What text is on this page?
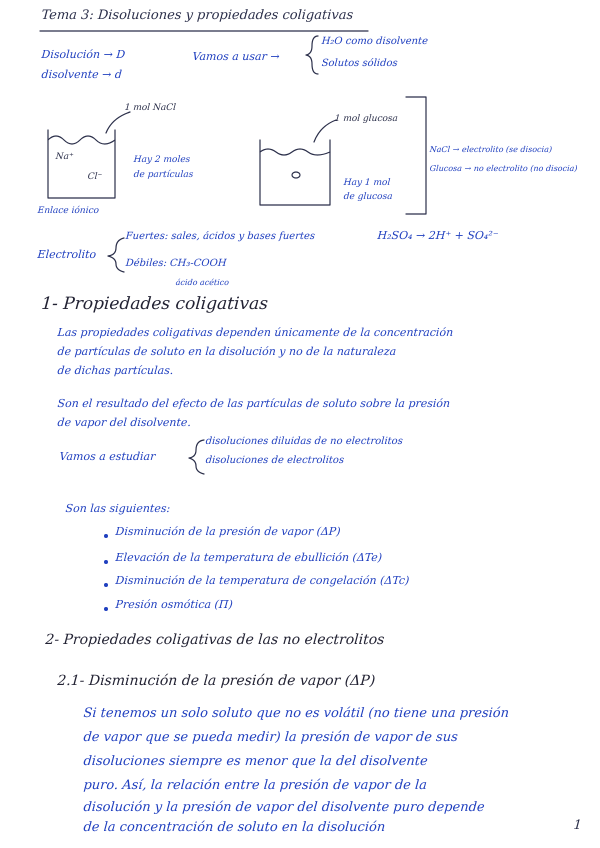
Tema 3: Disoluciones y propiedades coligativas
Disolución → D
disolvente → d
Vamos a usar →
H₂O como disolvente
Solutos sólidos
1 mol NaCl
Na⁺
Cl⁻
Hay 2 moles
de partículas
Enlace iónico
1 mol glucosa
Hay 1 mol
de glucosa
NaCl → electrolito (se disocia)
Glucosa → no electrolito (no disocia)
Electrolito
Fuertes: sales, ácidos y bases fuertes
Débiles: CH₃-COOH
ácido acético
H₂SO₄ → 2H⁺ + SO₄²⁻
1- Propiedades coligativas
Las propiedades coligativas dependen únicamente de la concentración
de partículas de soluto en la disolución y no de la naturaleza
de dichas partículas.
Son el resultado del efecto de las partículas de soluto sobre la presión
de vapor del disolvente.
Vamos a estudiar
disoluciones diluidas de no electrolitos
disoluciones de electrolitos
Son las siguientes:
Disminución de la presión de vapor (ΔP)
Elevación de la temperatura de ebullición (ΔTe)
Disminución de la temperatura de congelación (ΔTc)
Presión osmótica (Π)
2- Propiedades coligativas de las no electrolitos
2.1- Disminución de la presión de vapor (ΔP)
Si tenemos un solo soluto que no es volátil (no tiene una presión
de vapor que se pueda medir) la presión de vapor de sus
disoluciones siempre es menor que la del disolvente
puro. Así, la relación entre la presión de vapor de la
disolución y la presión de vapor del disolvente puro depende
de la concentración de soluto en la disolución	1
